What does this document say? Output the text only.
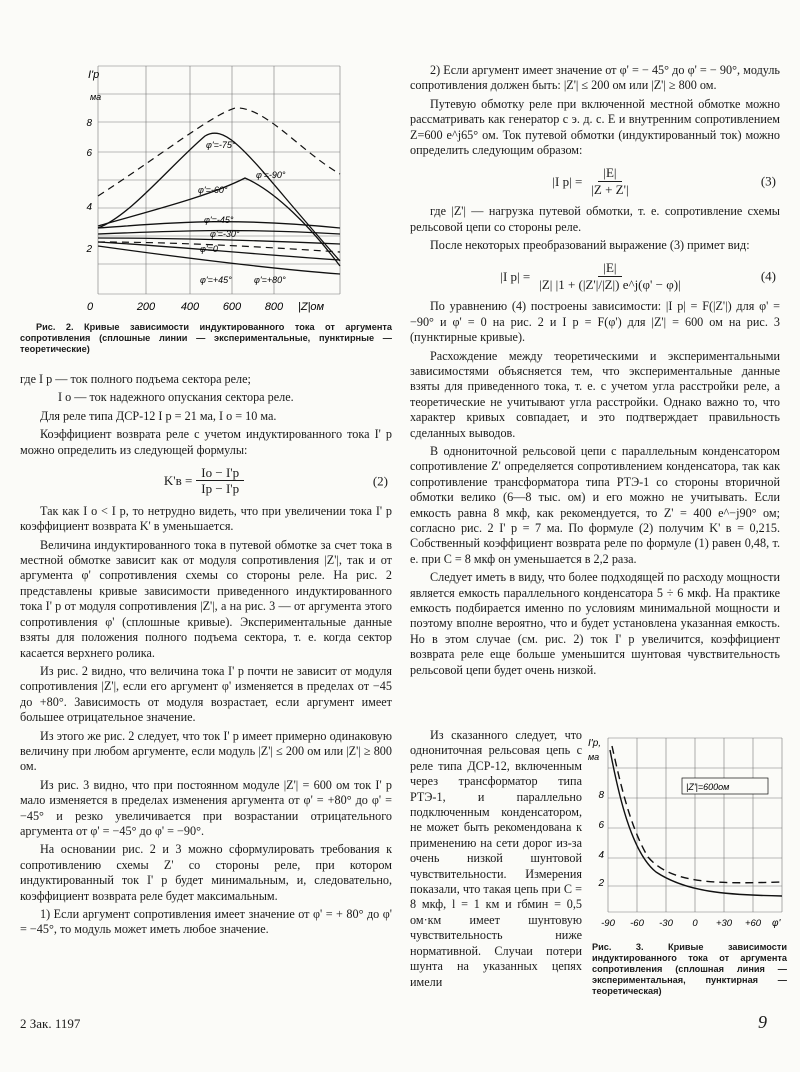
I'р
ма
2
4
6
8
0	200 400 600 800 |Z|ом
φ'=-75°
φ'=-90°
φ'=-60°
φ'=-45°
φ'=-30°
φ'=0
φ'=+45° φ'=+80°
Рис. 2. Кривые зависимости индуктированного тока от аргумента сопротивления (сплошные линии — экспериментальные, пунктирные — теоретические)

где I р — ток полного подъема сектора реле;

I о — ток надежного опускания сектора реле.

Для реле типа ДСР-12 I р = 21 ма, I о = 10 ма.

Коэффициент возврата реле с учетом индуктированного тока I' р можно определить из следующей формулы:

$K'в = \frac{Iо - I'р}{Iр - I'р}$	(2)

Так как I о < I р, то нетрудно видеть, что при увеличении тока I' р коэффициент возврата K' в уменьшается.

Величина индуктированного тока в путевой обмотке за счет тока в местной обмотке зависит как от модуля сопротивления |Z'|, так и от аргумента φ' сопротивления схемы со стороны реле. На рис. 2 представлены кривые зависимости приведенного индуктированного тока I' р от модуля сопротивления |Z'|, а на рис. 3 — от аргумента этого сопротивления φ' (сплошные кривые). Экспериментальные данные взяты для положения полного подъема сектора, т. е. когда сектор касается верхнего ролика.

Из рис. 2 видно, что величина тока I' р почти не зависит от модуля сопротивления |Z'|, если его аргумент φ' изменяется в пределах от −45 до +80°. Зависимость от модуля возрастает, если аргумент имеет большее отрицательное значение.

Из этого же рис. 2 следует, что ток I' р имеет примерно одинаковую величину при любом аргументе, если модуль |Z'| ≤ 200 ом или |Z'| ≥ 800 ом.

Из рис. 3 видно, что при постоянном модуле |Z'| = 600 ом ток I' р мало изменяется в пределах изменения аргумента от φ' = +80° до φ' = −45° и резко увеличивается при возрастании отрицательного аргумента от φ' = −45° до φ' = −90°.

На основании рис. 2 и 3 можно сформулировать требования к сопротивлению схемы Z' со стороны реле, при котором индуктированный ток I' р будет минимальным, и, следовательно, коэффициент возврата реле будет максимальным.

1) Если аргумент сопротивления имеет значение от φ' = + 80° до φ' = −45°, то модуль может иметь любое значение.

2) Если аргумент имеет значение от φ' = − 45° до φ' = − 90°, модуль сопротивления должен быть: |Z'| ≤ 200 ом или |Z'| ≥ 800 ом.

Путевую обмотку реле при включенной местной обмотке можно рассматривать как генератор с э. д. с. E и внутренним сопротивлением Z=600 e^j65° ом. Ток путевой обмотки (индуктированный ток) можно определить следующим образом:

|I $р| = \frac{|E|}{|Z + Z'|}$	(3)

где |Z'| — нагрузка путевой обмотки, т. е. сопротивление схемы рельсовой цепи со стороны реле.

После некоторых преобразований выражение (3) примет вид:

|I $р| = \frac{|E|}{|Z| |1 + (|Z'|/|Z|) e\^{}j(\varphi' - \varphi)|}$	(4)

По уравнению (4) построены зависимости: |I р| = F(|Z'|) для φ' = −90° и φ' = 0 на рис. 2 и I р = F(φ') для |Z'| = 600 ом на рис. 3 (пунктирные кривые).

Расхождение между теоретическими и экспериментальными зависимостями объясняется тем, что экспериментальные данные взяты для приведенного тока, т. е. с учетом угла расстройки реле, а теоретические не учитывают угла расстройки. Однако важно то, что характер кривых совпадает, и это подтверждает правильность сделанных выводов.

В однониточной рельсовой цепи с параллельным конденсатором сопротивление Z' определяется сопротивлением конденсатора, так как сопротивление трансформатора типа РТЭ-1 со стороны вторичной обмотки велико (6—8 тыс. ом) и его можно не учитывать. Если емкость равна 8 мкф, как рекомендуется, то Z' = 400 e^−j90° ом; согласно рис. 2 I' р = 7 ма. По формуле (2) получим K' в = 0,215. Собственный коэффициент возврата реле по формуле (1) равен 0,48, т. е. при C = 8 мкф он уменьшается в 2,2 раза.

Следует иметь в виду, что более подходящей по расходу мощности является емкость параллельного конденсатора 5 ÷ 6 мкф. На практике емкость подбирается именно по условиям минимальной мощности и поэтому вполне вероятно, что и будет установлена указанная емкость. Но в этом случае (см. рис. 2) ток I' р увеличится, коэффициент возврата реле еще больше уменьшится шунтовая чувствительность рельсовой цепи будет очень низкой.

Из сказанного следует, что однониточная рельсовая цепь с реле типа ДСР-12, включенным через трансформатор типа РТЭ-1, и параллельно подключенным конденсатором, не может быть рекомендована к применению на сети дорог из-за очень низкой шунтовой чувствительности. Измерения показали, что такая цепь при C = 8 мкф, l = 1 км и rбмин = 0,5 ом·км имеет шунтовую чувствительность ниже нормативной. Случаи потери шунта на указанных цепях имели

I'р,
ма
2
4
6
8
-90 -60 -30 0 +30 +60 φ'
|Z'|=600ом
Рис. 3. Кривые зависимости индуктированного тока от аргумента сопротивления (сплошная линия — экспериментальная, пунктирная — теоретическая)
2 Зак. 1197	9
